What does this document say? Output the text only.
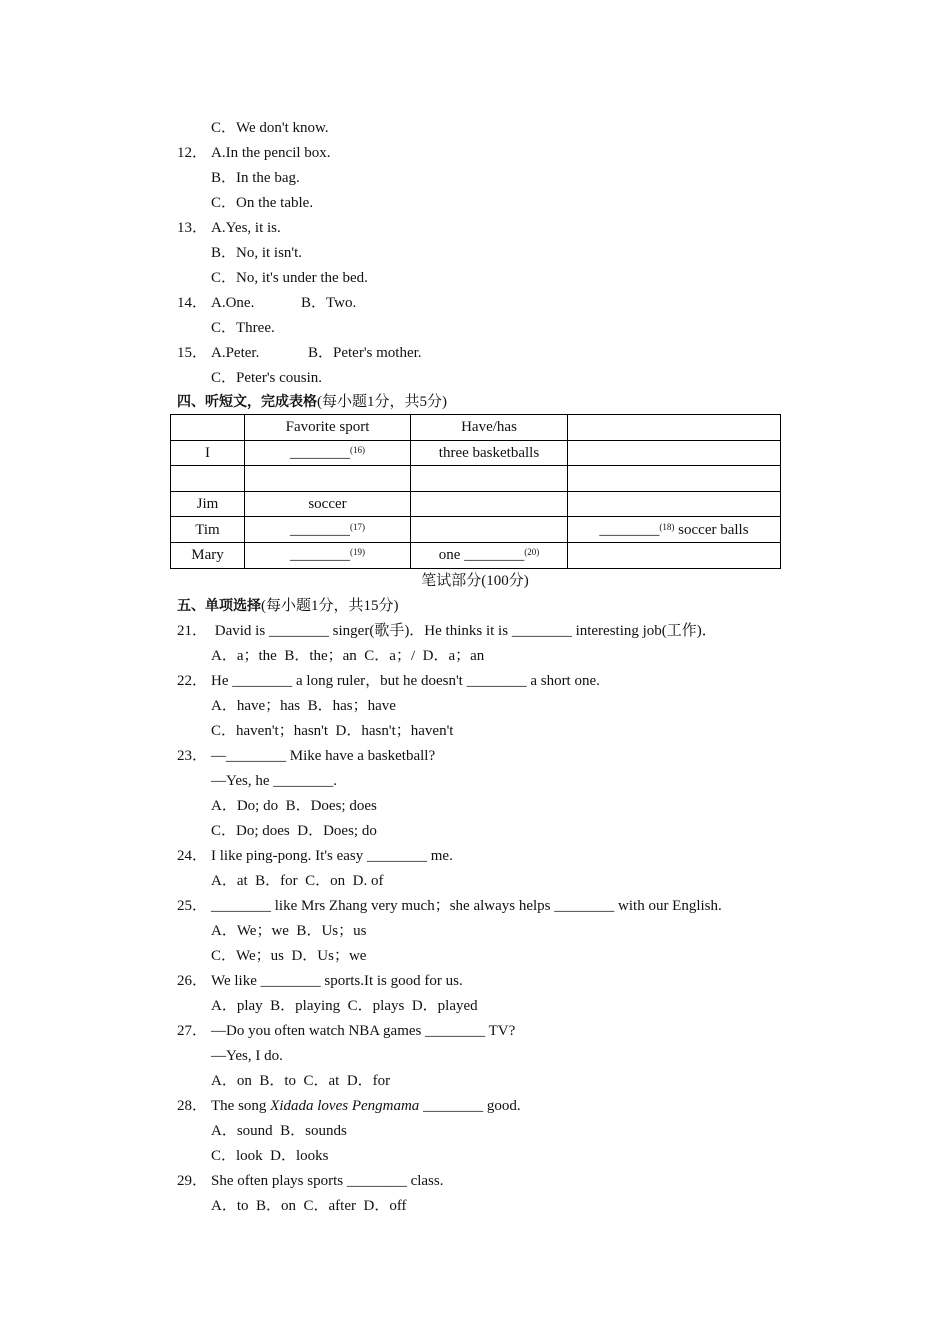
C．We don't know.
12． A.In the pencil box.
B．In the bag.
C．On the table.
13． A.Yes, it is.
B．No, it isn't.
C．No, it's under the bed.
14． A.One.	B．Two.
C．Three.
15． A.Peter.	B．Peter's mother.
C．Peter's cousin.
四、听短文，完成表格(每小题1分，共5分)
	Favorite sport	Have/has	
I	________$^{(16)}$	three basketballs	

Jim	soccer		
Tim	________$^{(17)}$		________$^{(18)}$ soccer balls
Mary	________$^{(19)}$	one ________$^{(20)}$	
笔试部分(100分)
五、单项选择(每小题1分，共15分)
21． David is ________ singer(歌手)．He thinks it is ________ interesting job(工作)．
A．a；the  B．the；an  C．a；/  D．a；an
22． He ________ a long ruler，but he doesn't ________ a short one.
A．have；has  B．has；have
C．haven't；hasn't  D．hasn't；haven't
23． —________ Mike have a basketball?
—Yes, he ________.
A．Do; do  B．Does; does
C．Do; does  D．Does; do
24． I like ping-pong. It's easy ________ me.
A．at  B．for  C．on  D. of
25． ________ like Mrs Zhang very much；she always helps ________ with our English.
A．We；we  B．Us；us
C．We；us  D．Us；we
26． We like ________ sports.It is good for us.
A．play  B．playing  C．plays  D．played
27． —Do you often watch NBA games ________ TV?
—Yes, I do.
A．on  B．to  C．at  D．for
28． The song Xidada loves Pengmama ________ good.
A．sound  B．sounds
C．look  D．looks
29． She often plays sports ________ class.
A．to  B．on  C．after  D．off
